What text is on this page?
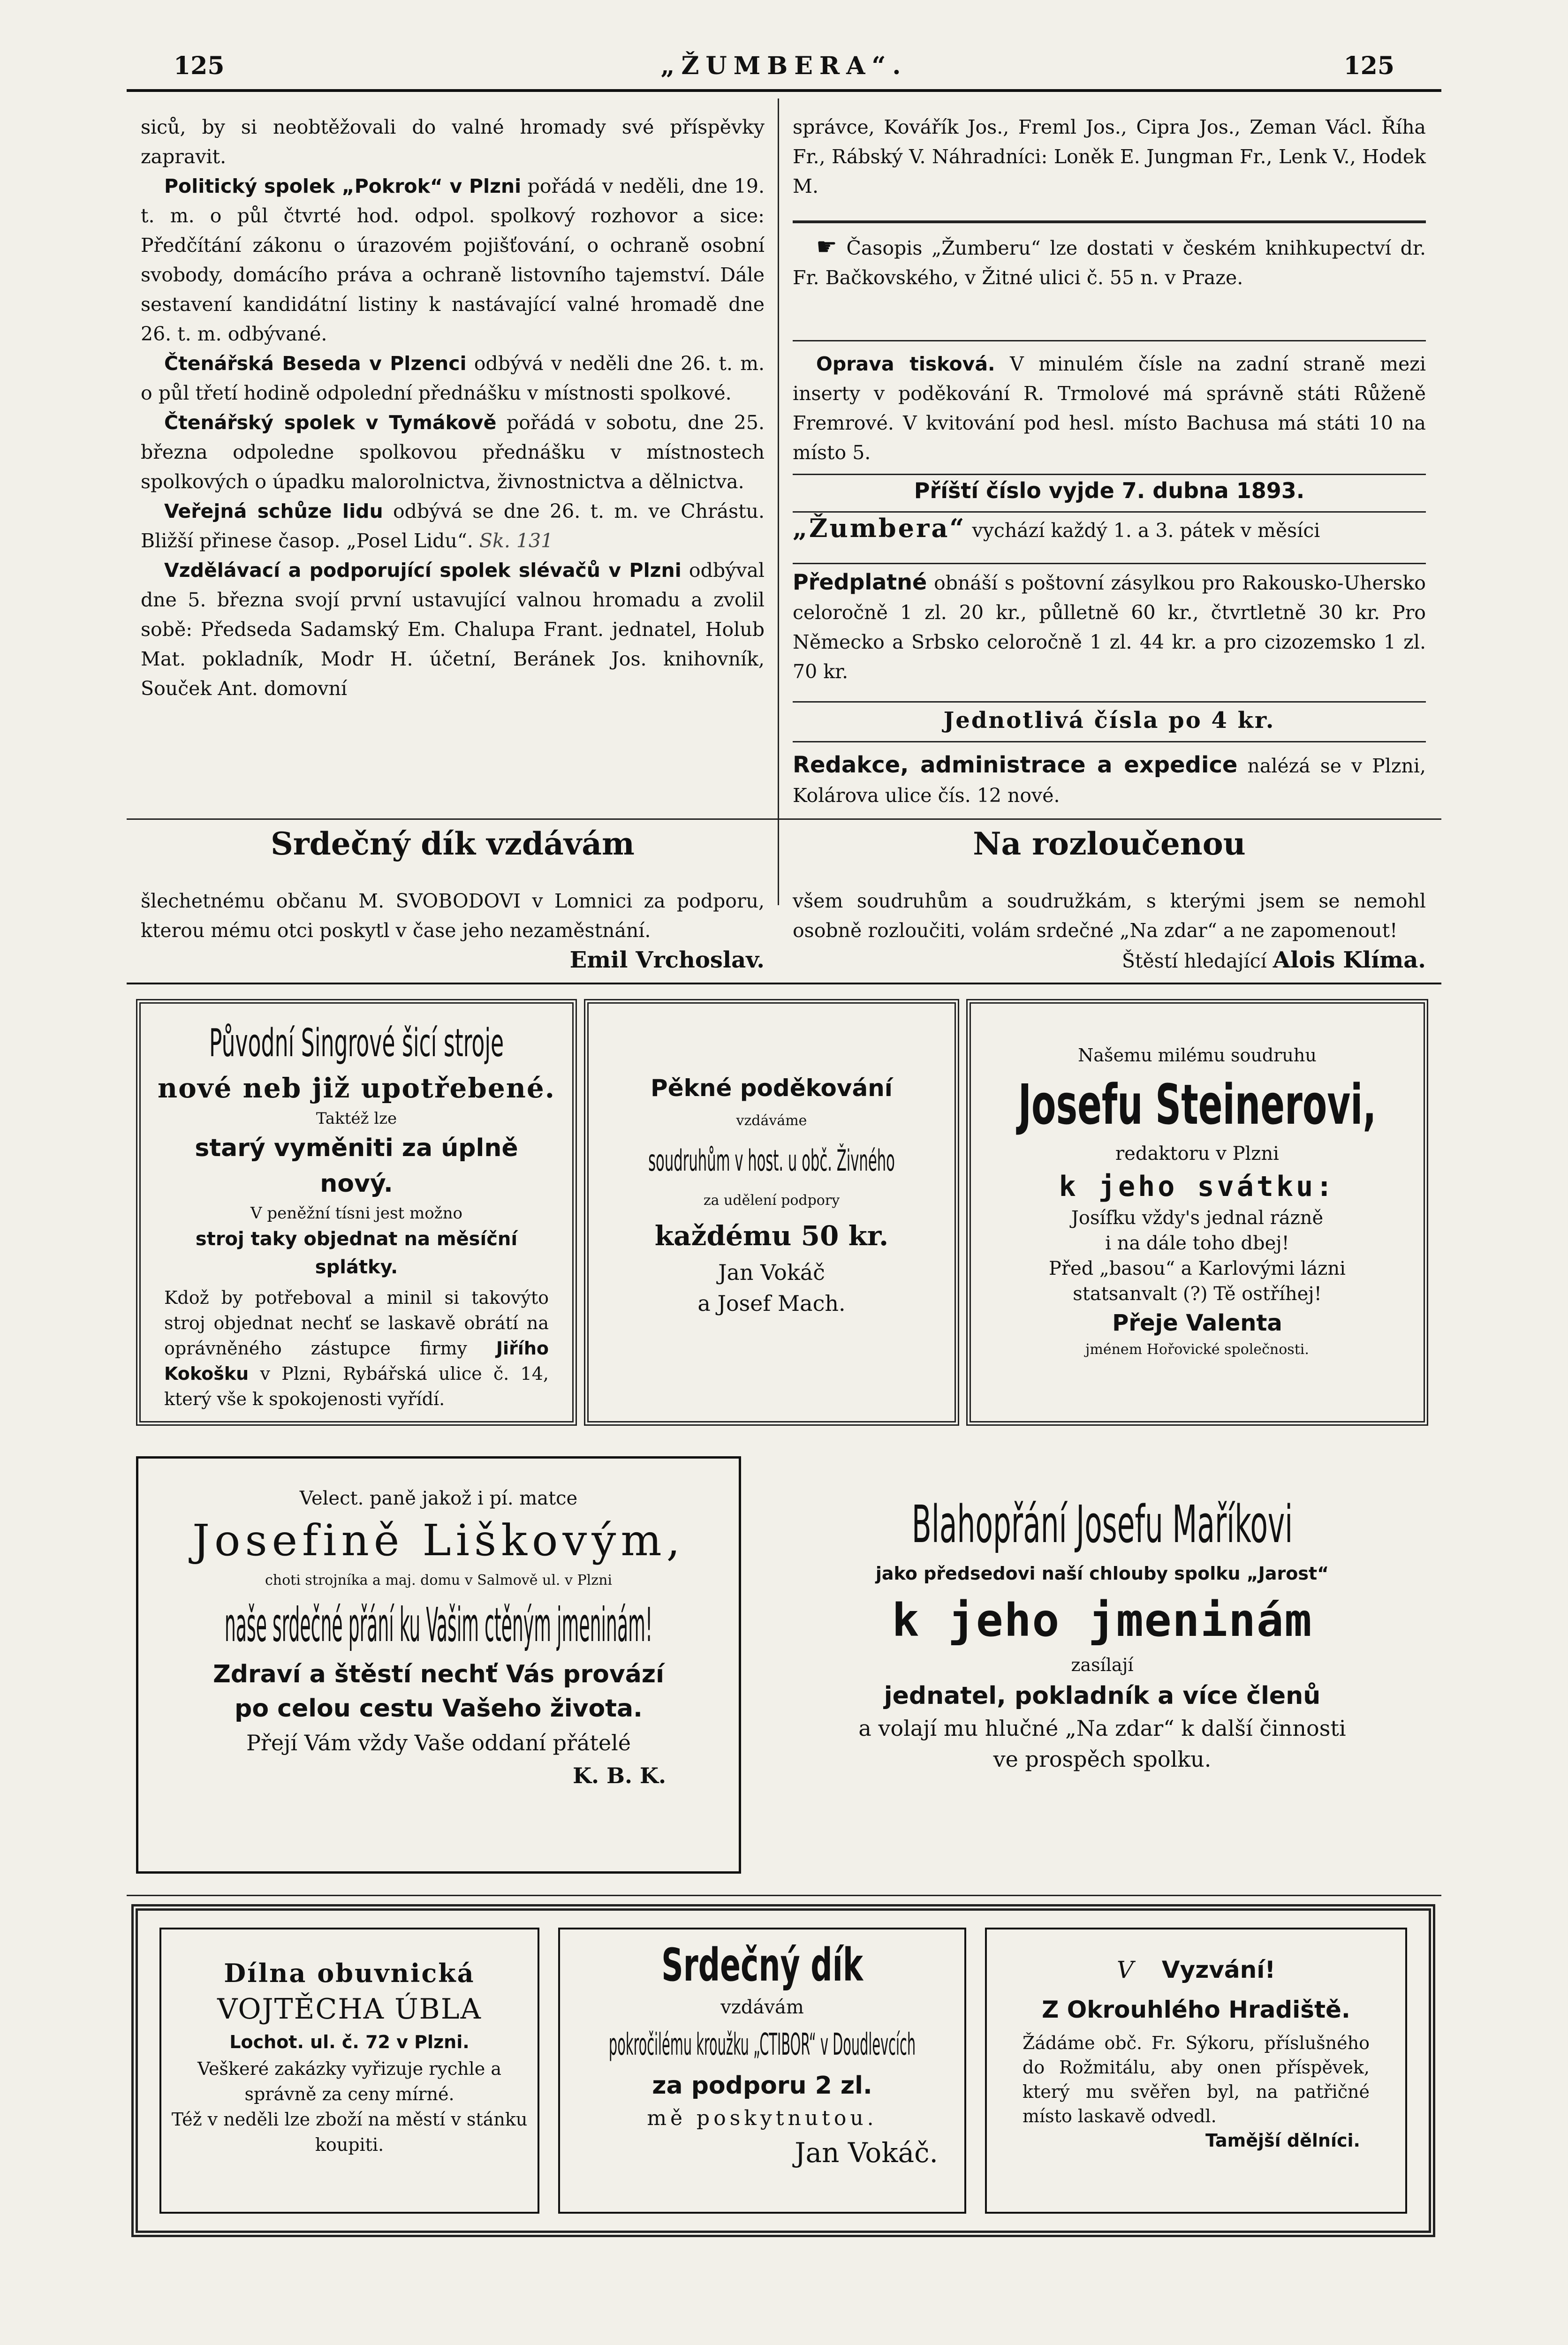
125	„ŽUMBERA“.	125

siců, by si neobtěžovali do valné hromady své příspěvky zapravit.

Politický spolek „Pokrok“ v Plzni pořádá v neděli, dne 19. t. m. o půl čtvrté hod. odpol. spolkový rozhovor a sice: Předčítání zákonu o úrazovém pojišťování, o ochraně osobní svobody, domácího práva a ochraně listovního tajemství. Dále sestavení kandidátní listiny k nastávající valné hromadě dne 26. t. m. odbývané.

Čtenářská Beseda v Plzenci odbývá v neděli dne 26. t. m. o půl třetí hodině odpolední přednášku v místnosti spolkové.

Čtenářský spolek v Tymákově pořádá v sobotu, dne 25. března odpoledne spolkovou přednášku v místnostech spolkových o úpadku malorolnictva, živnostnictva a dělnictva.

Veřejná schůze lidu odbývá se dne 26. t. m. ve Chrástu. Bližší přinese časop. „Posel Lidu“. Sk. 131

Vzdělávací a podporující spolek slévačů v Plzni odbýval dne 5. března svojí první ustavující valnou hromadu a zvolil sobě: Předseda Sadamský Em. Chalupa Frant. jednatel, Holub Mat. pokladník, Modr H. účetní, Beránek Jos. knihovník, Souček Ant. domovní

správce, Kovářík Jos., Freml Jos., Cipra Jos., Zeman Václ. Říha Fr., Rábský V. Náhradníci: Loněk E. Jungman Fr., Lenk V., Hodek M.

☛ Časopis „Žumberu“ lze dostati v českém knihkupectví dr. Fr. Bačkovského, v Žitné ulici č. 55 n. v Praze.

Oprava tisková. V minulém čísle na zadní straně mezi inserty v poděkování R. Trmolové má správně státi Růženě Fremrové. V kvitování pod hesl. místo Bachusa má státi 10 na místo 5.

Příští číslo vyjde 7. dubna 1893.

„Žumbera“ vychází každý 1. a 3. pátek v měsíci

Předplatné obnáší s poštovní zásylkou pro Rakousko-Uhersko celoročně 1 zl. 20 kr., půlletně 60 kr., čtvrtletně 30 kr. Pro Německo a Srbsko celoročně 1 zl. 44 kr. a pro cizozemsko 1 zl. 70 kr.

Jednotlivá čísla po 4 kr.

Redakce, administrace a expedice nalézá se v Plzni, Kolárova ulice čís. 12 nové.

Srdečný dík vzdávám

šlechetnému občanu M. SVOBODOVI v Lomnici za podporu, kterou mému otci poskytl v čase jeho nezaměstnání.

Emil Vrchoslav.

Na rozloučenou

všem soudruhům a soudružkám, s kterými jsem se nemohl osobně rozloučiti, volám srdečné „Na zdar“ a ne zapomenout!

Štěstí hledající Alois Klíma.

Původní Singrové šicí stroje
nové neb již upotřebené.
Taktéž lze
starý vyměniti za úplně nový.
V peněžní tísni jest možno
stroj taky objednat na měsíční splátky.
Kdož by potřeboval a minil si takovýto stroj objednat nechť se laskavě obrátí na oprávněného zástupce firmy Jiřího Kokošku v Plzni, Rybářská ulice č. 14, který vše k spokojenosti vyřídí.
Pěkné poděkování
vzdáváme
soudruhům v host. u obč. Živného
za udělení podpory
každému 50 kr.
Jan Vokáč
a Josef Mach.
Našemu milému soudruhu
Josefu Steinerovi,
redaktoru v Plzni
k jeho svátku:
Josífku vždy's jednal rázně
i na dále toho dbej!
Před „basou“ a Karlovými lázni
statsanvalt (?) Tě ostříhej!
Přeje Valenta
jménem Hořovické společnosti.
Velect. paně jakož i pí. matce
Josefině Liškovým,
choti strojníka a maj. domu v Salmově ul. v Plzni
naše srdečné přání ku Vašim ctěným jmeninám!
Zdraví a štěstí nechť Vás provází
po celou cestu Vašeho života.
Přejí Vám vždy Vaše oddaní přátelé
K. B. K.
Blahopřání Josefu Maříkovi
jako předsedovi naší chlouby spolku „Jarost“
k jeho jmeninám
zasílají
jednatel, pokladník a více členů
a volají mu hlučné „Na zdar“ k další činnosti
ve prospěch spolku.
Dílna obuvnická
VOJTĚCHA ÚBLA
Lochot. ul. č. 72 v Plzni.
Veškeré zakázky vyřizuje rychle a správně za ceny mírné.
Též v neděli lze zboží na městí v stánku koupiti.
Srdečný dík
vzdávám
pokročilému kroužku „CTIBOR“ v Doudlevcích
za podporu 2 zl.
mě poskytnutou.
Jan Vokáč.
V Vyzvání!
Z Okrouhlého Hradiště.
Žádáme obč. Fr. Sýkoru, příslušného do Rožmitálu, aby onen příspěvek, který mu svěřen byl, na patřičné místo laskavě odvedl.
Tamější dělníci.
